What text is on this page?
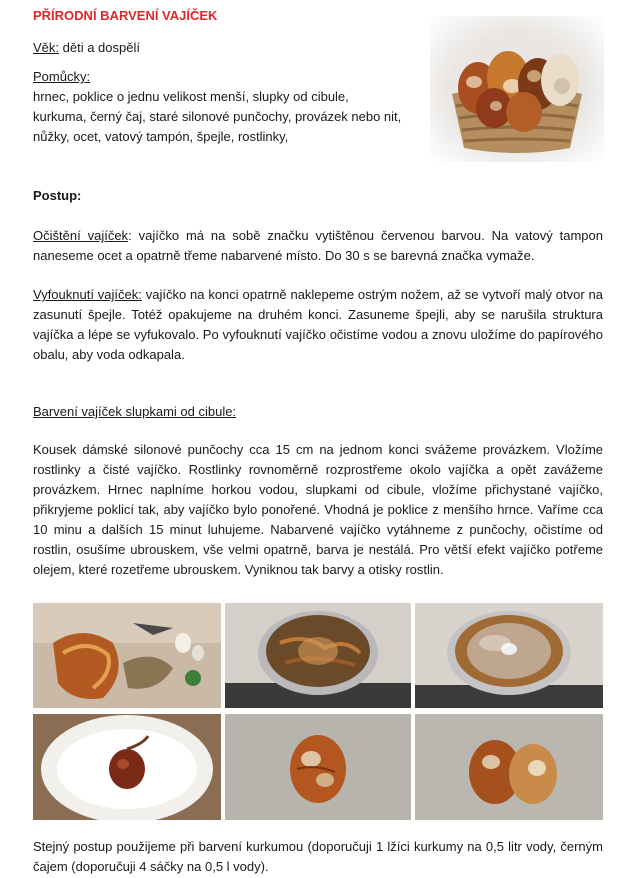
PŘÍRODNÍ BARVENÍ VAJÍČEK
Věk: děti a dospělí
Pomůcky:
hrnec, poklice o jednu velikost menší, slupky od cibule,
kurkuma, černý čaj, staré silonové punčochy, provázek nebo nit,
nůžky, ocet, vatový tampón, špejle, rostlinky,
Postup:
Očištění vajíček: vajíčko má na sobě značku vytištěnou červenou barvou. Na vatový tampon naneseme ocet a opatrně třeme nabarvené místo. Do 30 s se barevná značka vymaže.
Vyfouknutí vajíček: vajíčko na konci opatrně naklepeme ostrým nožem, až se vytvoří malý otvor na zasunutí špejle. Totéž opakujeme na druhém konci. Zasuneme špejli, aby se narušila struktura vajíčka a lépe se vyfukovalo. Po vyfouknutí vajíčko očistíme vodou a znovu uložíme do papírového obalu, aby voda odkapala.
Barvení vajíček slupkami od cibule:
Kousek dámské silonové punčochy cca 15 cm na jednom konci svážeme provázkem. Vložíme rostlinky a čisté vajíčko. Rostlinky rovnoměrně rozprostřeme okolo vajíčka a opět zavážeme provázkem. Hrnec naplníme horkou vodou, slupkami od cibule, vložíme přichystané vajíčko, přikryjeme poklicí tak, aby vajíčko bylo ponořené. Vhodná je poklice z menšího hrnce. Vaříme cca 10 minu a dalších 15 minut luhujeme. Nabarvené vajíčko vytáhneme z punčochy, očistíme od rostlin, osušíme ubrouskem, vše velmi opatrně, barva je nestálá. Pro větší efekt vajíčko potřeme olejem, které rozetřeme ubrouskem. Vyniknou tak barvy a otisky rostlin.
Stejný postup použijeme při barvení kurkumou (doporučuji 1 lžíci kurkumy na 0,5 litr vody, černým čajem (doporučuji 4 sáčky na 0,5 l vody).
